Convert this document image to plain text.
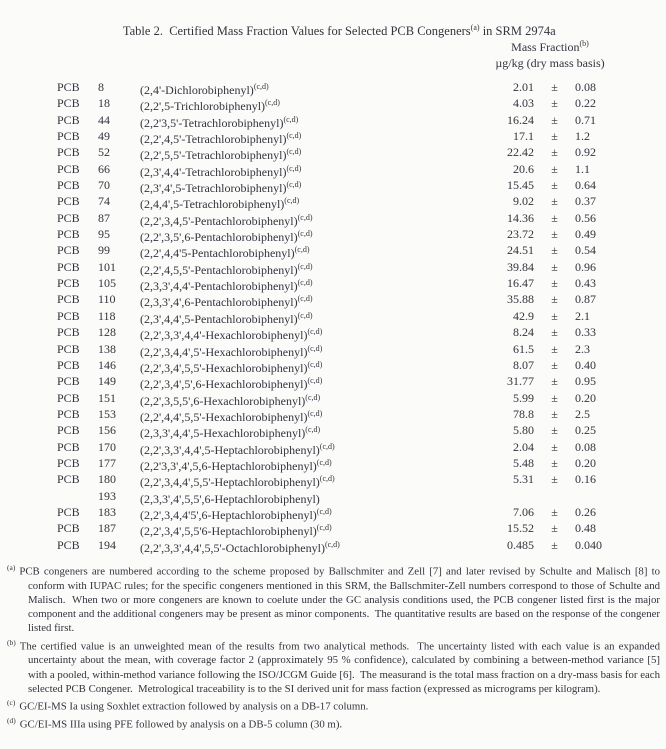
Table 2.  Certified Mass Fraction Values for Selected PCB Congeners$^{(a)}$ in SRM 2974a

Mass Fraction$^{(b)}$
µg/kg (dry mass basis)
PCB	8	(2,4'-Dichlorobiphenyl)$^{(c,d)}$	2.01	±	0.08
PCB	18	(2,2',5-Trichlorobiphenyl)$^{(c,d)}$	4.03	±	0.22
PCB	44	(2,2'3,5'-Tetrachlorobiphenyl)$^{(c,d)}$	16.24	±	0.71
PCB	49	(2,2',4,5'-Tetrachlorobiphenyl)$^{(c,d)}$	17.1	±	1.2
PCB	52	(2,2',5,5'-Tetrachlorobiphenyl)$^{(c,d)}$	22.42	±	0.92
PCB	66	(2,3',4,4'-Tetrachlorobiphenyl)$^{(c,d)}$	20.6	±	1.1
PCB	70	(2,3',4',5-Tetrachlorobiphenyl)$^{(c,d)}$	15.45	±	0.64
PCB	74	(2,4,4',5-Tetrachlorobiphenyl)$^{(c,d)}$	9.02	±	0.37
PCB	87	(2,2',3,4,5'-Pentachlorobiphenyl)$^{(c,d)}$	14.36	±	0.56
PCB	95	(2,2',3,5',6-Pentachlorobiphenyl)$^{(c,d)}$	23.72	±	0.49
PCB	99	(2,2',4,4'5-Pentachlorobiphenyl)$^{(c,d)}$	24.51	±	0.54
PCB	101	(2,2',4,5,5'-Pentachlorobiphenyl)$^{(c,d)}$	39.84	±	0.96
PCB	105	(2,3,3',4,4'-Pentachlorobiphenyl)$^{(c,d)}$	16.47	±	0.43
PCB	110	(2,3,3',4',6-Pentachlorobiphenyl)$^{(c,d)}$	35.88	±	0.87
PCB	118	(2,3',4,4',5-Pentachlorobiphenyl)$^{(c,d)}$	42.9	±	2.1
PCB	128	(2,2',3,3',4,4'-Hexachlorobiphenyl)$^{(c,d)}$	8.24	±	0.33
PCB	138	(2,2',3,4,4',5'-Hexachlorobiphenyl)$^{(c,d)}$	61.5	±	2.3
PCB	146	(2,2',3,4',5,5'-Hexachlorobiphenyl)$^{(c,d)}$	8.07	±	0.40
PCB	149	(2,2',3,4',5',6-Hexachlorobiphenyl)$^{(c,d)}$	31.77	±	0.95
PCB	151	(2,2',3,5,5',6-Hexachlorobiphenyl)$^{(c,d)}$	5.99	±	0.20
PCB	153	(2,2',4,4',5,5'-Hexachlorobiphenyl)$^{(c,d)}$	78.8	±	2.5
PCB	156	(2,3,3',4,4',5-Hexachlorobiphenyl)$^{(c,d)}$	5.80	±	0.25
PCB	170	(2,2',3,3',4,4',5-Heptachlorobiphenyl)$^{(c,d)}$	2.04	±	0.08
PCB	177	(2,2'3,3',4',5,6-Heptachlorobiphenyl)$^{(c,d)}$	5.48	±	0.20
PCB	180	(2,2',3,4,4',5,5'-Heptachlorobiphenyl)$^{(c,d)}$	5.31	±	0.16
193	(2,3,3',4',5,5',6-Heptachlorobiphenyl)
PCB	183	(2,2',3,4,4'5',6-Heptachlorobiphenyl)$^{(c,d)}$	7.06	±	0.26
PCB	187	(2,2',3,4',5,5'6-Heptachlorobiphenyl)$^{(c,d)}$	15.52	±	0.48
PCB	194	(2,2',3,3',4,4',5,5'-Octachlorobiphenyl)$^{(c,d)}$	0.485	±	0.040
$^{(a)}$ PCB congeners are numbered according to the scheme proposed by Ballschmiter and Zell [7] and later revised by Schulte and Malisch [8] to conform with IUPAC rules; for the specific congeners mentioned in this SRM, the Ballschmiter-Zell numbers correspond to those of Schulte and Malisch.  When two or more congeners are known to coelute under the GC analysis conditions used, the PCB congener listed first is the major component and the additional congeners may be present as minor components.  The quantitative results are based on the response of the congener listed first.
$^{(b)}$ The certified value is an unweighted mean of the results from two analytical methods.  The uncertainty listed with each value is an expanded uncertainty about the mean, with coverage factor 2 (approximately 95 % confidence), calculated by combining a between-method variance [5] with a pooled, within-method variance following the ISO/JCGM Guide [6].  The measurand is the total mass fraction on a dry-mass basis for each selected PCB Congener.  Metrological traceability is to the SI derived unit for mass faction (expressed as micrograms per kilogram).
$^{(c)}$ GC/EI-MS Ia using Soxhlet extraction followed by analysis on a DB-17 column.
$^{(d)}$ GC/EI-MS IIIa using PFE followed by analysis on a DB-5 column (30 m).
